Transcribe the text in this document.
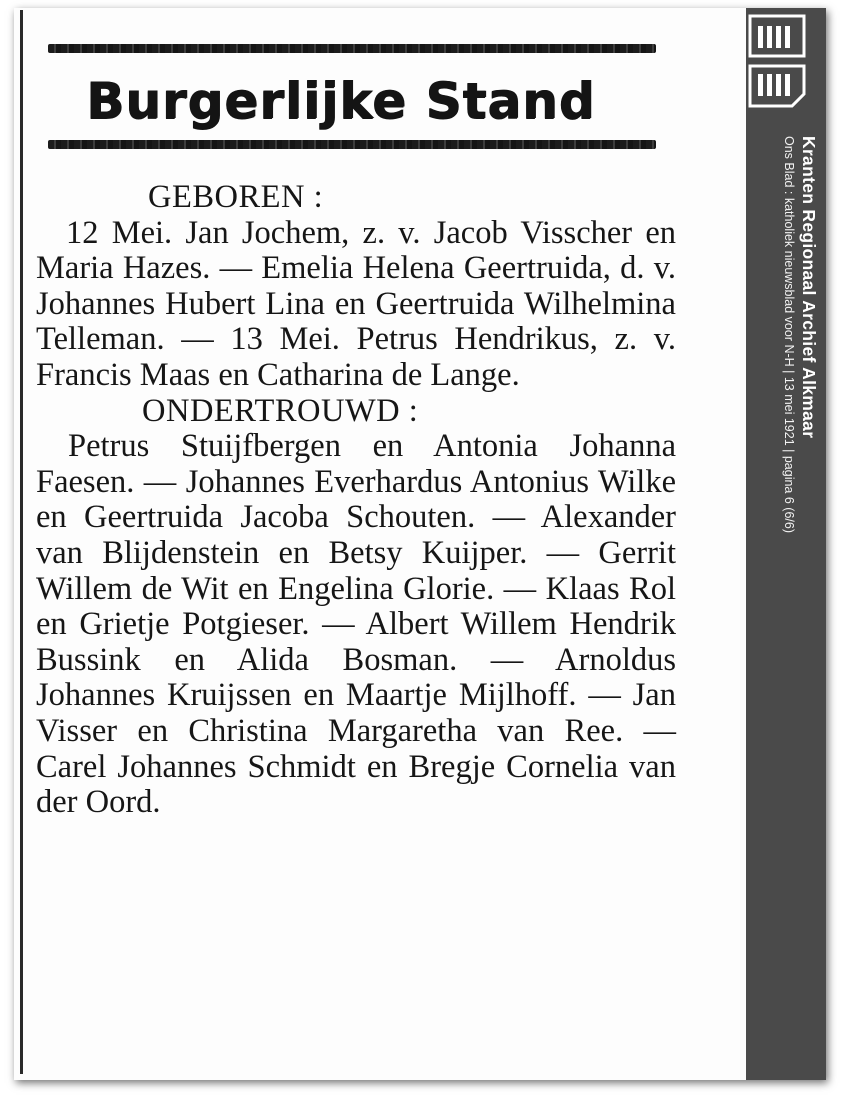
Burgerlijke Stand
GEBOREN :

12 Mei. Jan Jochem, z. v. Jacob Visscher en Maria Hazes. — Emelia Helena Geertruida, d. v. Johannes Hubert Lina en Geertruida Wilhelmina Telleman. — 13 Mei. Petrus Hendrikus, z. v. Francis Maas en Catharina de Lange.

ONDERTROUWD :

Petrus Stuijfbergen en Antonia Johanna Faesen. — Johannes Everhardus Antonius Wilke en Geertruida Jacoba Schouten. — Alexander van Blijdenstein en Betsy Kuijper. — Gerrit Willem de Wit en Engelina Glorie. — Klaas Rol en Grietje Potgieser. — Albert Willem Hendrik Bussink en Alida Bosman. — Arnoldus Johannes Kruijssen en Maartje Mijlhoff. — Jan Visser en Christina Margaretha van Ree. — Carel Johannes Schmidt en Bregje Cornelia van der Oord.

Kranten Regionaal Archief Alkmaar
Ons Blad : katholiek nieuwsblad voor N-H | 13 mei 1921 | pagina 6 (6/6)
